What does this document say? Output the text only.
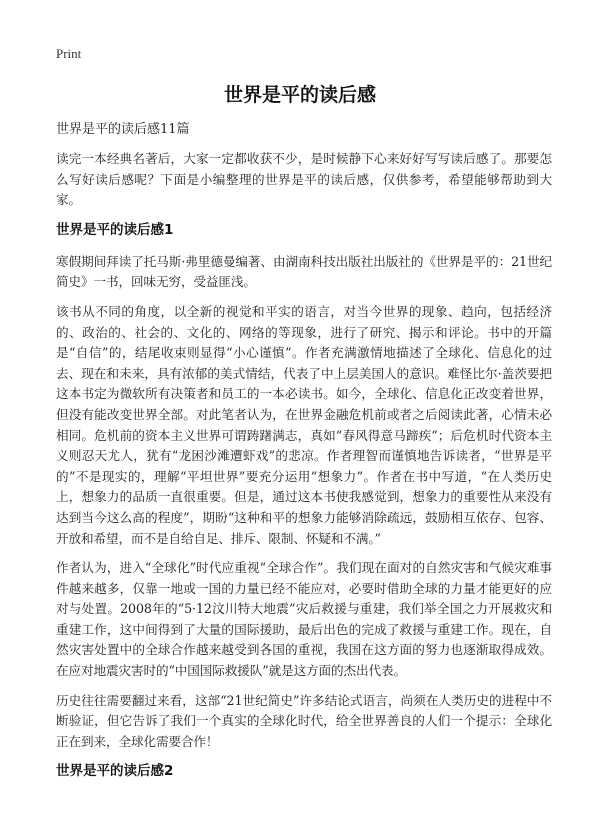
Print
世界是平的读后感

世界是平的读后感11篇

读完一本经典名著后，大家一定都收获不少，是时候静下心来好好写写读后感了。那要怎么写好读后感呢？下面是小编整理的世界是平的读后感，仅供参考，希望能够帮助到大家。

世界是平的读后感1

寒假期间拜读了托马斯·弗里德曼编著、由湖南科技出版社出版社的《世界是平的：21世纪简史》一书，回味无穷，受益匪浅。

该书从不同的角度，以全新的视觉和平实的语言，对当今世界的现象、趋向，包括经济的、政治的、社会的、文化的、网络的等现象，进行了研究、揭示和评论。书中的开篇是“自信”的，结尾收束则显得“小心谨慎”。作者充满激情地描述了全球化、信息化的过去、现在和未来，具有浓郁的美式情结，代表了中上层美国人的意识。难怪比尔·盖茨要把这本书定为微软所有决策者和员工的一本必读书。如今，全球化、信息化正改变着世界，但没有能改变世界全部。对此笔者认为，在世界金融危机前或者之后阅读此著，心情未必相同。危机前的资本主义世界可谓踌躇满志，真如“春风得意马蹄疾”；后危机时代资本主义则忍天尤人，犹有“龙困沙滩遭虾戏”的悲凉。作者理智而谨慎地告诉读者，“世界是平的”不是现实的，理解“平坦世界”要充分运用“想象力”。作者在书中写道，“在人类历史上，想象力的品质一直很重要。但是，通过这本书使我感觉到，想象力的重要性从来没有达到当今这么高的程度”，期盼“这种和平的想象力能够消除疏远，鼓励相互依存、包容、开放和希望，而不是自给自足、排斥、限制、怀疑和不满。”

作者认为，进入“全球化”时代应重视“全球合作”。我们现在面对的自然灾害和气候灾难事件越来越多，仅靠一地或一国的力量已经不能应对，必要时借助全球的力量才能更好的应对与处置。2008年的“5·12汶川特大地震”灾后救援与重建，我们举全国之力开展救灾和重建工作，这中间得到了大量的国际援助，最后出色的完成了救援与重建工作。现在，自然灾害处置中的全球合作越来越受到各国的重视，我国在这方面的努力也逐渐取得成效。在应对地震灾害时的“中国国际救援队”就是这方面的杰出代表。

历史往往需要翻过来看，这部“21世纪简史”许多结论式语言，尚须在人类历史的进程中不断验证，但它告诉了我们一个真实的全球化时代，给全世界善良的人们一个提示：全球化正在到来，全球化需要合作！

世界是平的读后感2
